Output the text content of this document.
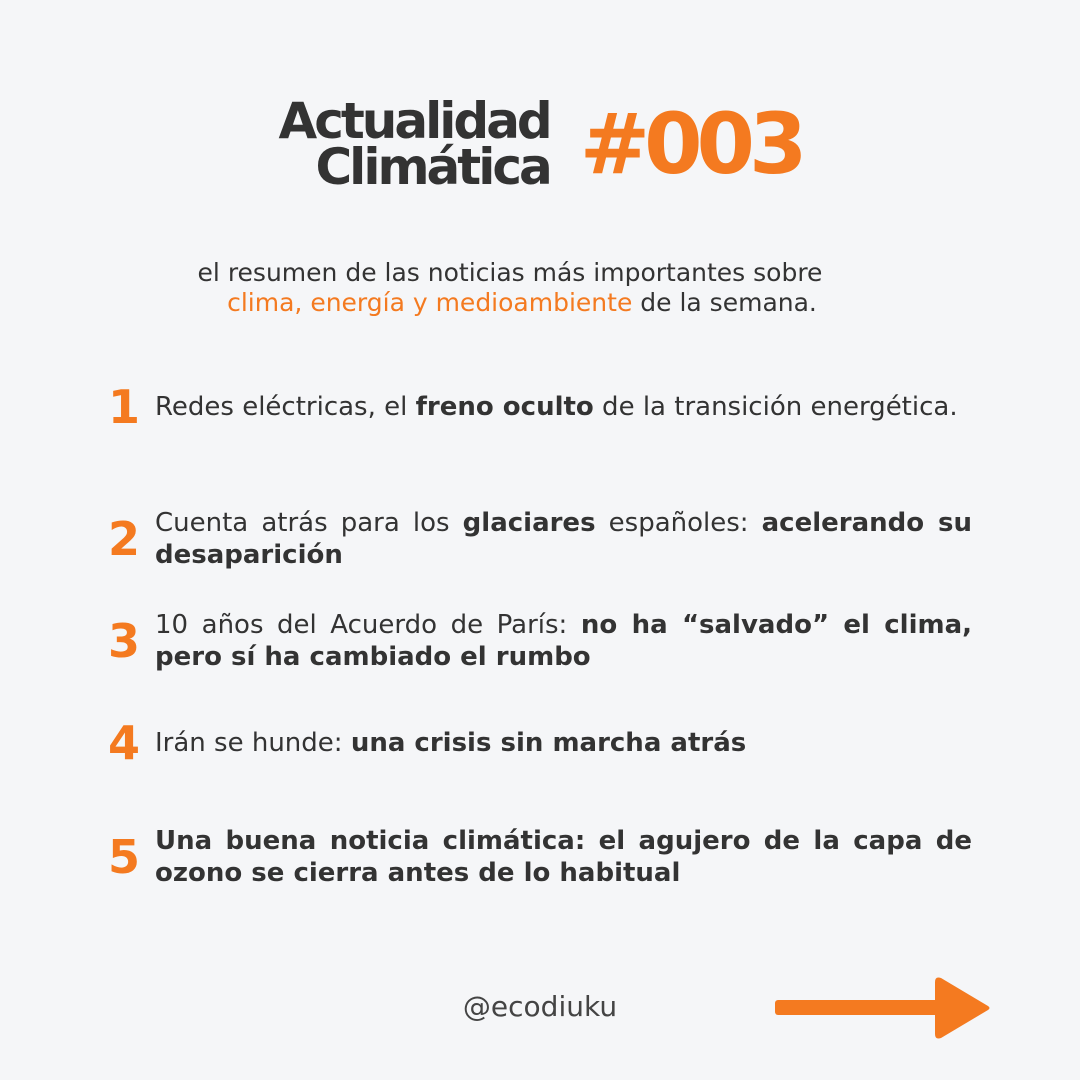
Actualidad
Climática #003
el resumen de las noticias más importantes sobre
clima, energía y medioambiente de la semana.
1 Redes eléctricas, el freno oculto de la transición energética.
2 Cuenta atrás para los glaciares españoles: acelerando su desaparición
3 10 años del Acuerdo de París: no ha “salvado” el clima, pero sí ha cambiado el rumbo
4 Irán se hunde: una crisis sin marcha atrás
5 Una buena noticia climática: el agujero de la capa de ozono se cierra antes de lo habitual
@ecodiuku
